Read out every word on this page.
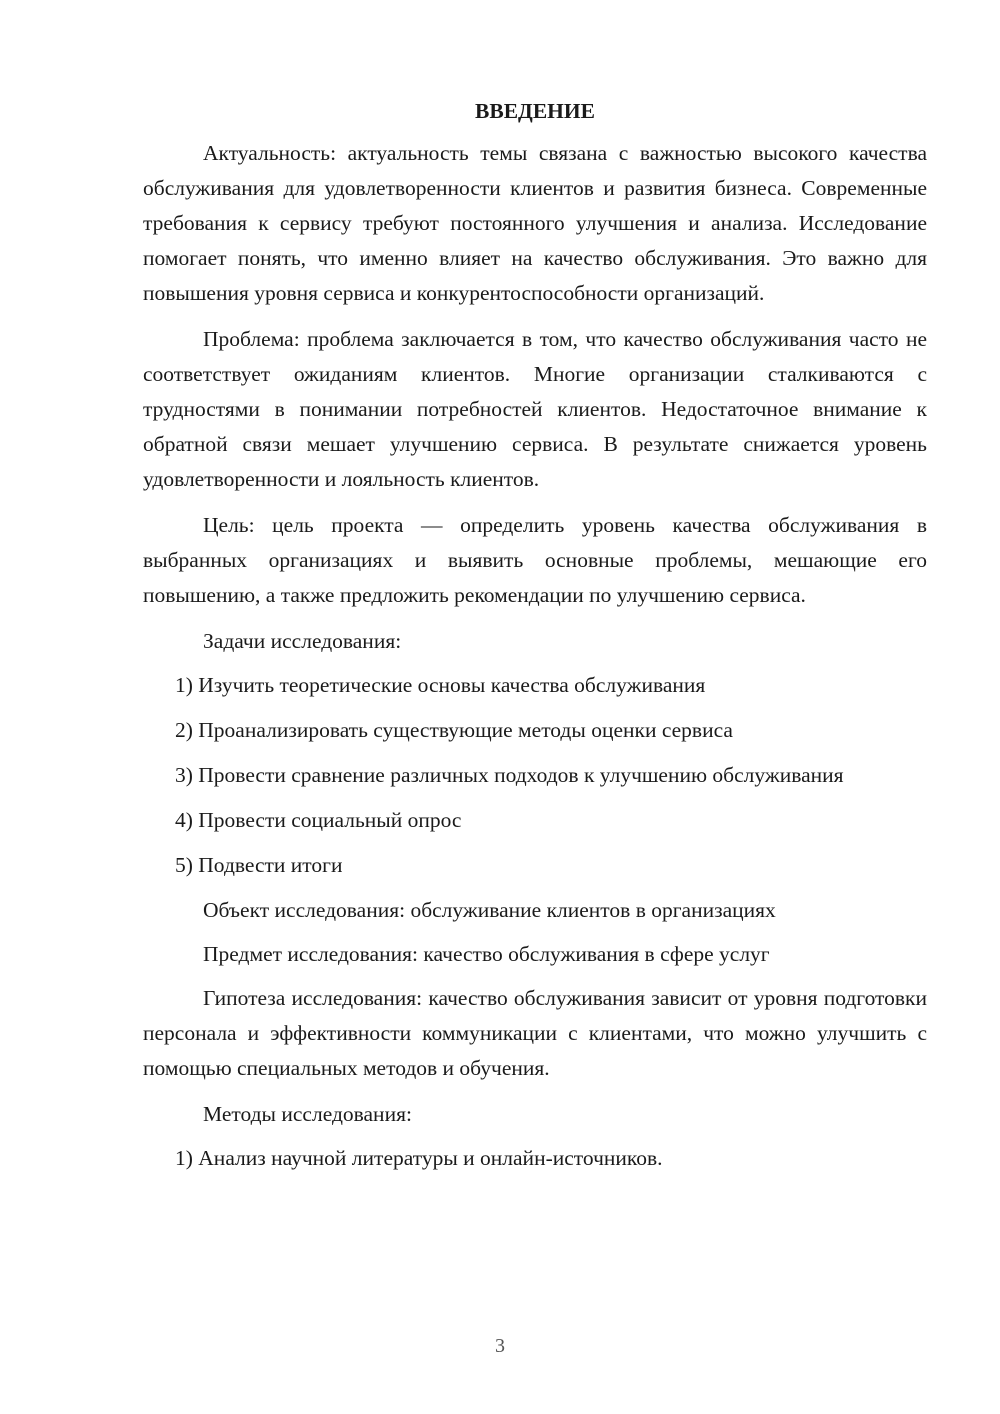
ВВЕДЕНИЕ

Актуальность: актуальность темы связана с важностью высокого качества обслуживания для удовлетворенности клиентов и развития бизнеса. Современные требования к сервису требуют постоянного улучшения и анализа. Исследование помогает понять, что именно влияет на качество обслуживания. Это важно для повышения уровня сервиса и конкурентоспособности организаций.

Проблема: проблема заключается в том, что качество обслуживания часто не соответствует ожиданиям клиентов. Многие организации сталкиваются с трудностями в понимании потребностей клиентов. Недостаточное внимание к обратной связи мешает улучшению сервиса. В результате снижается уровень удовлетворенности и лояльность клиентов.

Цель: цель проекта — определить уровень качества обслуживания в выбранных организациях и выявить основные проблемы, мешающие его повышению, а также предложить рекомендации по улучшению сервиса.

Задачи исследования:

1) Изучить теоретические основы качества обслуживания

2) Проанализировать существующие методы оценки сервиса

3) Провести сравнение различных подходов к улучшению обслуживания

4) Провести социальный опрос

5) Подвести итоги

Объект исследования: обслуживание клиентов в организациях

Предмет исследования: качество обслуживания в сфере услуг

Гипотеза исследования: качество обслуживания зависит от уровня подготовки персонала и эффективности коммуникации с клиентами, что можно улучшить с помощью специальных методов и обучения.

Методы исследования:

1) Анализ научной литературы и онлайн-источников.

3
